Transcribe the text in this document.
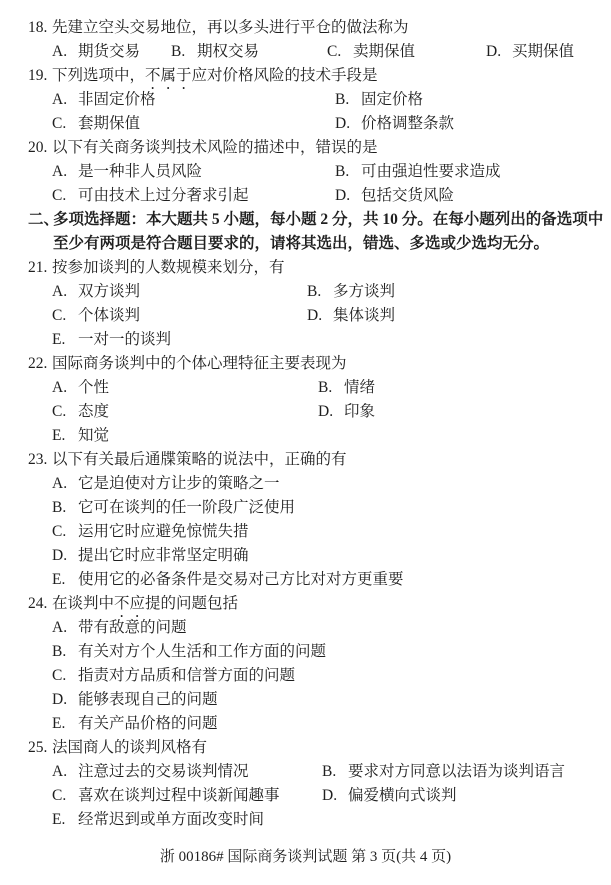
18. 先建立空头交易地位，再以多头进行平仓的做法称为
A. 期货交易 B. 期权交易	C. 卖期保值	D. 买期保值
19. 下列选项中，不属于应对价格风险的技术手段是
A. 非固定价格	B. 固定价格
C. 套期保值	D. 价格调整条款
20. 以下有关商务谈判技术风险的描述中，错误的是
A. 是一种非人员风险	B. 可由强迫性要求造成
C. 可由技术上过分奢求引起	D. 包括交货风险
二、多项选择题：本大题共 5 小题，每小题 2 分，共 10 分。在每小题列出的备选项中
至少有两项是符合题目要求的，请将其选出，错选、多选或少选均无分。
21. 按参加谈判的人数规模来划分，有
A. 双方谈判	B. 多方谈判
C. 个体谈判	D. 集体谈判
E. 一对一的谈判
22. 国际商务谈判中的个体心理特征主要表现为
A. 个性	B. 情绪
C. 态度	D. 印象
E. 知觉
23. 以下有关最后通牒策略的说法中，正确的有
A. 它是迫使对方让步的策略之一
B. 它可在谈判的任一阶段广泛使用
C. 运用它时应避免惊慌失措
D. 提出它时应非常坚定明确
E. 使用它的必备条件是交易对己方比对对方更重要
24. 在谈判中不应提的问题包括
A. 带有敌意的问题
B. 有关对方个人生活和工作方面的问题
C. 指责对方品质和信誉方面的问题
D. 能够表现自己的问题
E. 有关产品价格的问题
25. 法国商人的谈判风格有
A. 注意过去的交易谈判情况	B. 要求对方同意以法语为谈判语言
C. 喜欢在谈判过程中谈新闻趣事	D. 偏爱横向式谈判
E. 经常迟到或单方面改变时间
浙 00186# 国际商务谈判试题 第 3 页(共 4 页)
